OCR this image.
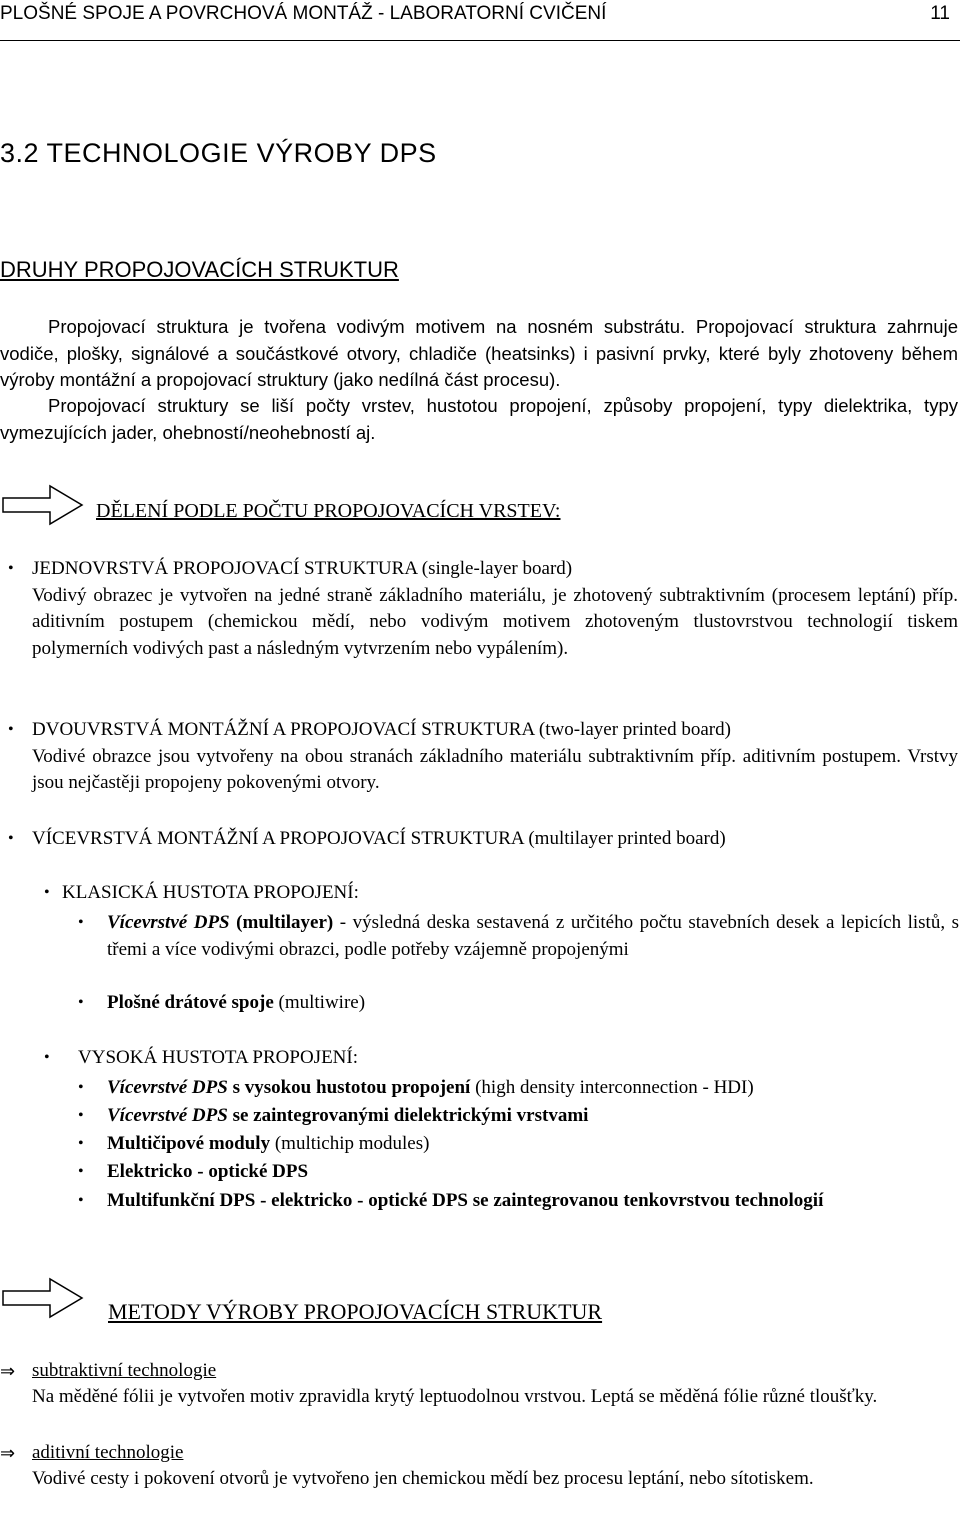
PLOŠNÉ SPOJE A POVRCHOVÁ MONTÁŽ - LABORATORNÍ CVIČENÍ	11
3.2 TECHNOLOGIE VÝROBY DPS
DRUHY PROPOJOVACÍCH STRUKTUR
Propojovací struktura je tvořena vodivým motivem na nosném substrátu. Propojovací struktura zahrnuje vodiče, plošky, signálové a součástkové otvory, chladiče (heatsinks) i pasivní prvky, které byly zhotoveny během výroby montážní a propojovací struktury (jako nedílná část procesu).
Propojovací struktury se liší počty vrstev, hustotou propojení, způsoby propojení, typy dielektrika, typy vymezujících jader, ohebností/neohebností aj.
DĚLENÍ PODLE POČTU PROPOJOVACÍCH VRSTEV:
• JEDNOVRSTVÁ PROPOJOVACÍ STRUKTURA (single-layer board)
Vodivý obrazec je vytvořen na jedné straně základního materiálu, je zhotovený subtraktivním (procesem leptání) příp. aditivním postupem (chemickou mědí, nebo vodivým motivem zhotoveným tlustovrstvou technologií tiskem polymerních vodivých past a následným vytvrzením nebo vypálením).
• DVOUVRSTVÁ MONTÁŽNÍ A PROPOJOVACÍ STRUKTURA (two-layer printed board)
Vodivé obrazce jsou vytvořeny na obou stranách základního materiálu subtraktivním příp. aditivním postupem. Vrstvy jsou nejčastěji propojeny pokovenými otvory.
• VÍCEVRSTVÁ MONTÁŽNÍ A PROPOJOVACÍ STRUKTURA (multilayer printed board)
• KLASICKÁ HUSTOTA PROPOJENÍ:
• Vícevrstvé DPS (multilayer) - výsledná deska sestavená z určitého počtu stavebních desek a lepicích listů, s třemi a více vodivými obrazci, podle potřeby vzájemně propojenými
• Plošné drátové spoje (multiwire)
• VYSOKÁ HUSTOTA PROPOJENÍ:
• Vícevrstvé DPS s vysokou hustotou propojení (high density interconnection - HDI)
• Vícevrstvé DPS se zaintegrovanými dielektrickými vrstvami
• Multičipové moduly (multichip modules)
• Elektricko - optické DPS
• Multifunkční DPS - elektricko - optické DPS se zaintegrovanou tenkovrstvou technologií
METODY VÝROBY PROPOJOVACÍCH STRUKTUR
⇒ subtraktivní technologie
Na měděné fólii je vytvořen motiv zpravidla krytý leptuodolnou vrstvou. Leptá se měděná fólie různé tloušťky.
⇒ aditivní technologie
Vodivé cesty i pokovení otvorů je vytvořeno jen chemickou mědí bez procesu leptání, nebo sítotiskem.
